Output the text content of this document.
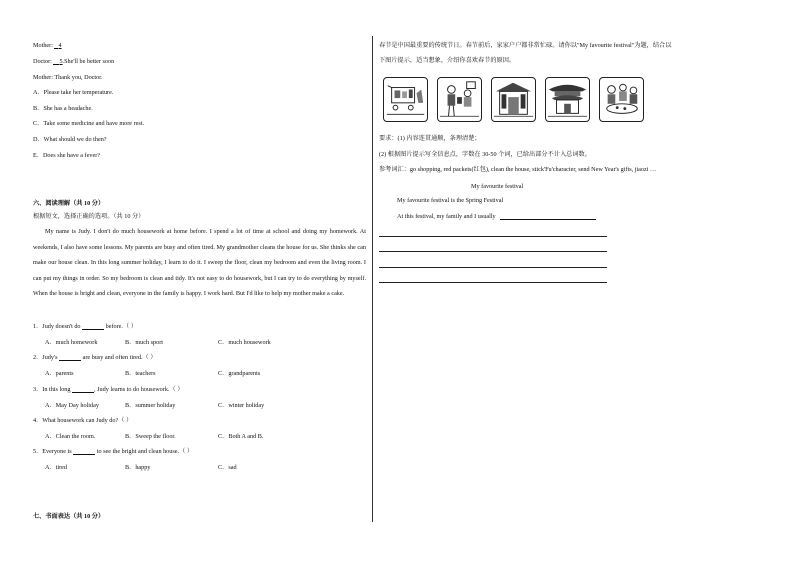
Mother: 4
Doctor: 5.She'll be better soon
Mother: Thank you, Doctor.
A．Please take her temperature.
B．She has a headache.
C．Take some medicine and have more rest.
D．What should we do then?
E．Does she have a fever?
六、阅读理解（共 10 分）
根据短文，选择正确的选项。（共 10 分）
My name is Judy. I don't do much housework at home before. I spend a lot of time at school and doing my homework. At weekends, I also have some lessons. My parents are busy and often tired. My grandmother cleans the house for us. She thinks she can make our house clean. In this long summer holiday, I learn to do it. I sweep the floor, clean my bedroom and even the living room. I can put my things in order. So my bedroom is clean and tidy. It's not easy to do housework, but I can try to do everything by myself. When the house is bright and clean, everyone in the family is happy. I work hard. But I'd like to help my mother make a cake.
1．Judy doesn't do	before.（ ）
A．much homework	B．much sport	C．much housework
2．Judy's	are busy and often tired.（ ）
A．parents	B．teachers	C．grandparents
3．In this long	, Judy learns to do housework.（ ）
A．May Day holiday	B．summer holiday	C．winter holiday
4．What housework can Judy do?（ ）
A．Clean the room.	B．Sweep the floor.	C．Both A and B.
5．Everyone is	to see the bright and clean house.（ ）
A．tired	B．happy	C．sad
七、书面表达（共 10 分）
春节是中国最重要的传统节日。春节前后，家家户户都非常忙碌。请你以"My favourite festival"为题，结合以
下图片提示，适当想象，介绍你喜欢春节的原因。
要求：(1) 内容连贯通顺，条理清楚；
(2) 根据图片提示写全信息点，字数在 30-50 个词，已给出部分不计入总词数。
参考词汇：go shopping, red packets(红包), clean the house, stick'Fu'character, send New Year's gifts, jiaozi …
My favourite festival
My favourite festival is the Spring Festival
At this festival, my family and I usually
